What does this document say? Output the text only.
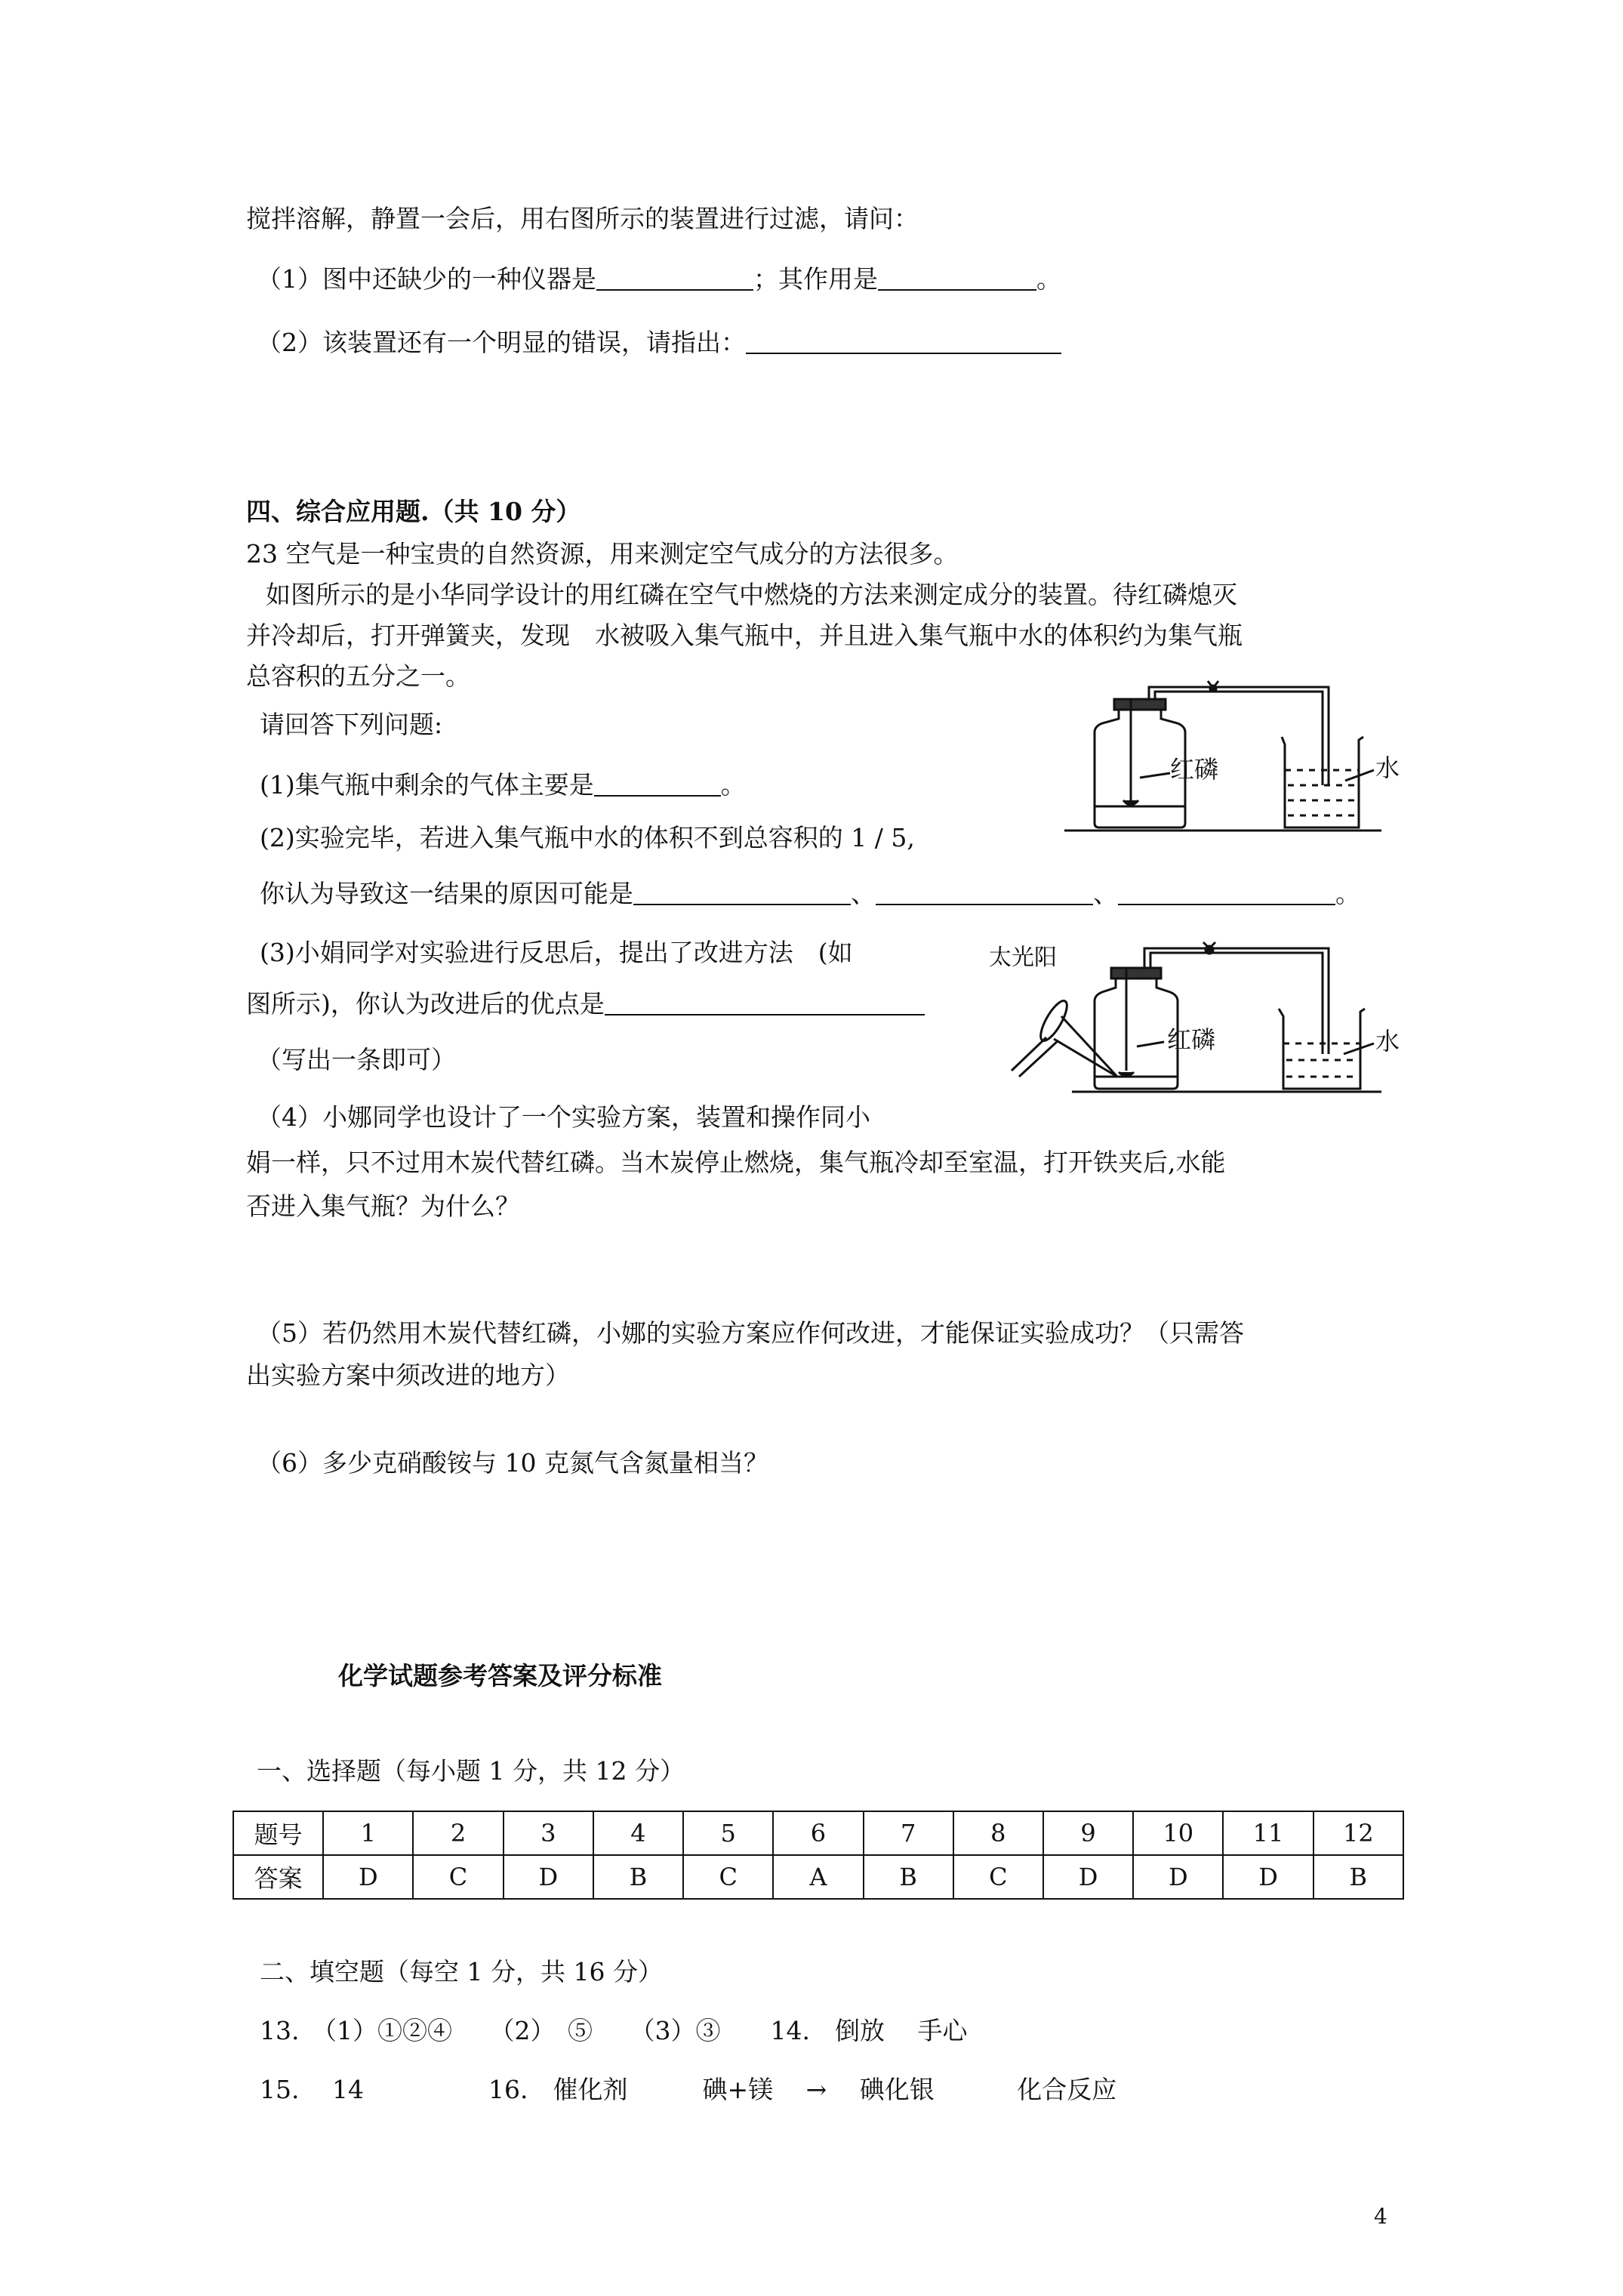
搅拌溶解，静置一会后，用右图所示的装置进行过滤，请问：
（1）图中还缺少的一种仪器是	；其作用是	。
（2）该装置还有一个明显的错误，请指出：
四、综合应用题.（共 10 分）
23 空气是一种宝贵的自然资源，用来测定空气成分的方法很多。
如图所示的是小华同学设计的用红磷在空气中燃烧的方法来测定成分的装置。待红磷熄灭
并冷却后，打开弹簧夹，发现　水被吸入集气瓶中，并且进入集气瓶中水的体积约为集气瓶
总容积的五分之一。
请回答下列问题:
(1)集气瓶中剩余的气体主要是	。
(2)实验完毕，若进入集气瓶中水的体积不到总容积的 1 / 5,
你认为导致这一结果的原因可能是	、	、	。
(3)小娟同学对实验进行反思后，提出了改进方法　(如
图所示)，你认为改进后的优点是
（写出一条即可）
（4）小娜同学也设计了一个实验方案，装置和操作同小
娟一样，只不过用木炭代替红磷。当木炭停止燃烧，集气瓶冷却至室温，打开铁夹后,水能
否进入集气瓶？为什么？
（5）若仍然用木炭代替红磷，小娜的实验方案应作何改进，才能保证实验成功？（只需答
出实验方案中须改进的地方）
（6）多少克硝酸铵与 10 克氮气含氮量相当？
红磷	水
太光阳
红磷	水
化学试题参考答案及评分标准
一、选择题（每小题 1 分，共 12 分）
题号	1	2	3	4	5	6	7	8	9	10	11	12
答案	D	C	D	B	C	A	B	C	D	D	D	B
二、填空题（每空 1 分，共 16 分）
13.　（1）①②④　　（2）　⑤　　（3）③　　14.　倒放　 手心
15.　 14　　　　　16.　催化剂　　　碘+镁　 →　 碘化银　　　 化合反应
4
